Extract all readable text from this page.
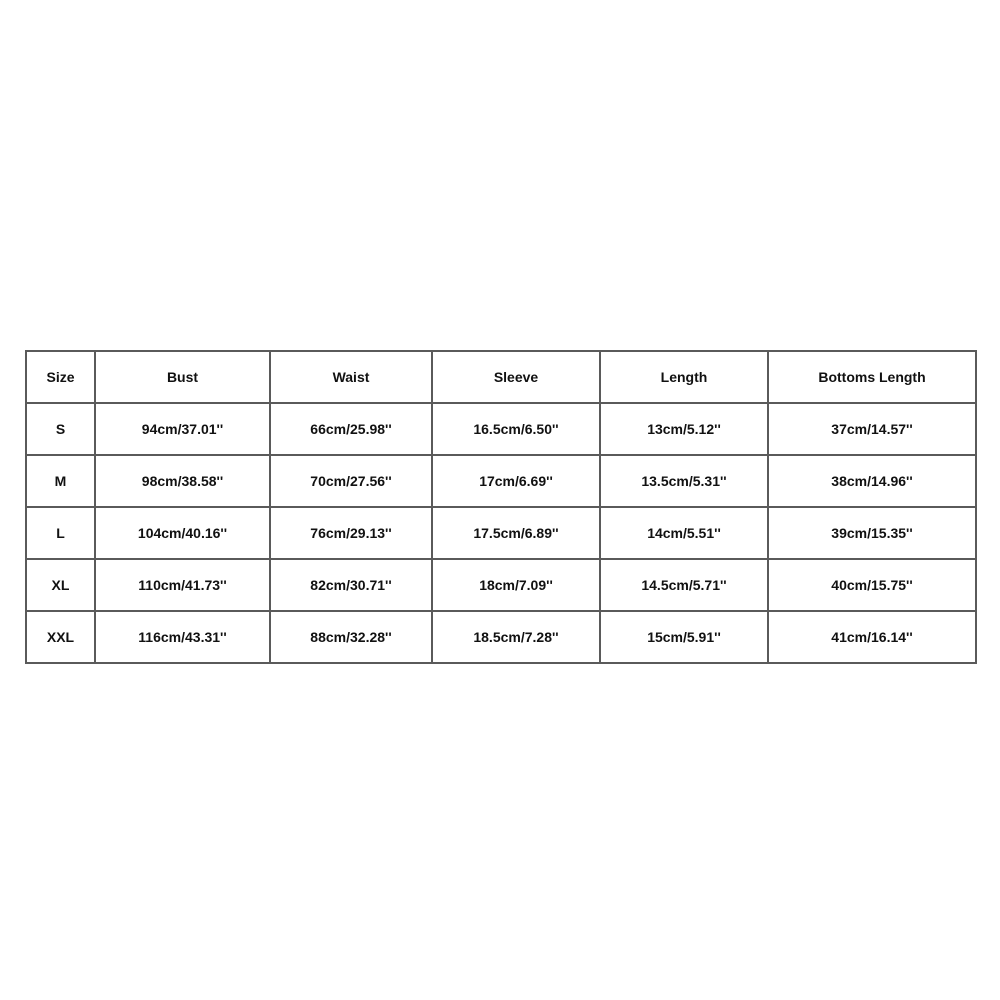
Size	Bust	Waist	Sleeve	Length	Bottoms Length
S	94cm/37.01''	66cm/25.98''	16.5cm/6.50''	13cm/5.12''	37cm/14.57''
M	98cm/38.58''	70cm/27.56''	17cm/6.69''	13.5cm/5.31''	38cm/14.96''
L	104cm/40.16''	76cm/29.13''	17.5cm/6.89''	14cm/5.51''	39cm/15.35''
XL	110cm/41.73''	82cm/30.71''	18cm/7.09''	14.5cm/5.71''	40cm/15.75''
XXL	116cm/43.31''	88cm/32.28''	18.5cm/7.28''	15cm/5.91''	41cm/16.14''
